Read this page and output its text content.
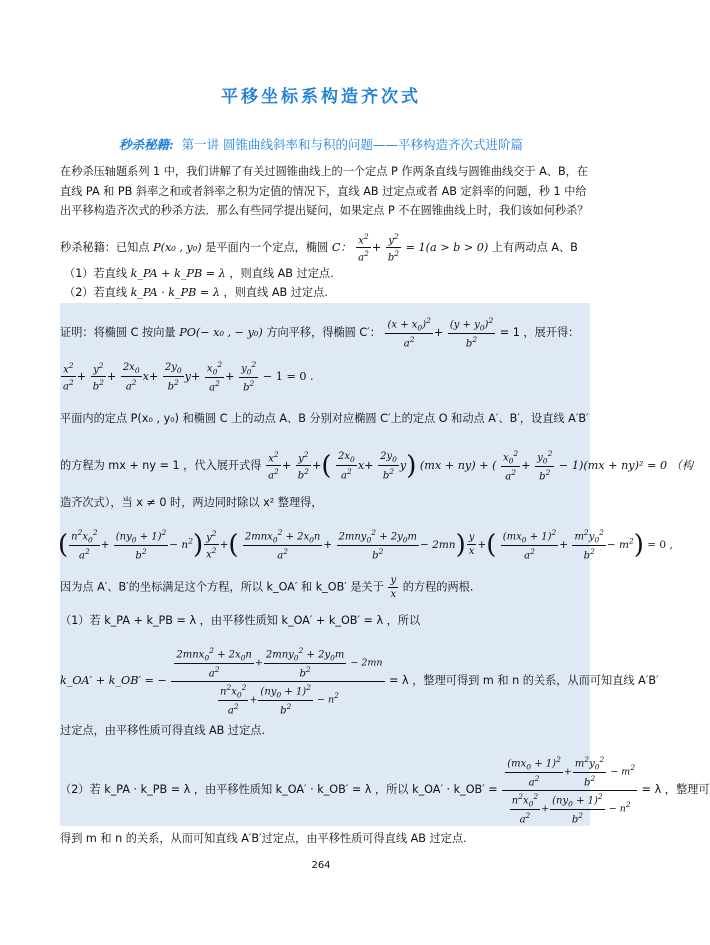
平移坐标系构造齐次式
秒杀秘籍: 第一讲 圆锥曲线斜率和与积的问题——平移构造齐次式进阶篇
在秒杀压轴题系列 1 中，我们讲解了有关过圆锥曲线上的一个定点 P 作两条直线与圆锥曲线交于 A、B，在直线 PA 和 PB 斜率之和或者斜率之积为定值的情况下，直线 AB 过定点或者 AB 定斜率的问题，秒 1 中给出平移构造齐次式的秒杀方法．那么有些同学提出疑问，如果定点 P 不在圆锥曲线上时，我们该如何秒杀？
秒杀秘籍：已知点 P(x₀ , y₀) 是平面内一个定点，椭圆 C： $\frac{x^2}{a^2} + \frac{y^2}{b^2} = 1(a > b > 0)$ 上有两动点 A、B
（1）若直线 k_PA + k_PB = λ ，则直线 AB 过定点.
（2）若直线 k_PA · k_PB = λ ，则直线 AB 过定点.
证明：将椭圆 C 按向量 PO(− x₀ , − y₀) 方向平移，得椭圆 C′： $\frac{(x + x_0)^2}{a^2} + \frac{(y + y_0)^2}{b^2} = 1$ ，展开得：
$\frac{x^2}{a^2} + \frac{y^2}{b^2} + \frac{2x_0}{a^2} x+ \frac{2y_0}{b^2} y+ \frac{x_0^2}{a^2} + \frac{y_0^2}{b^2} - 1 = 0$ .
平面内的定点 P(x₀ , y₀) 和椭圆 C 上的动点 A、B 分别对应椭圆 C′上的定点 O 和动点 A′、B′，设直线 A′B′
的方程为 mx + ny = 1 ，代入展开式得 $\frac{x^2}{a^2} + \frac{y^2}{b^2}$ +( $\frac{2x_0}{a^2} x+ \frac{2y_0}{b^2} y$) (mx + ny) + ( $\frac{x_0^2}{a^2} + \frac{y_0^2}{b^2} - 1)(mx + ny)^2 = 0$ （构
造齐次式），当 x ≠ 0 时，两边同时除以 x² 整理得，
( $\frac{n^2x_0^2}{a^2} + \frac{(ny_0 + 1)^2}{b^2} - n^2) \frac{y^2}{x^2}$ +( $\frac{2mnx_0^2 + 2x_0n}{a^2} + \frac{2mny_0^2 + 2y_0m}{b^2} - 2mn) \frac{y}{x}$ +( $\frac{(mx_0 + 1)^2}{a^2} + \frac{m^2y_0^2}{b^2} - m^2) = 0$ ,
因为点 A′、B′的坐标满足这个方程，所以 k_OA′ 和 k_OB′ 是关于 $\frac{y}{x}$ 的方程的两根.
（1）若 k_PA + k_PB = λ ，由平移性质知 k_OA′ + k_OB′ = λ ，所以
k_OA′ + k_OB′ = − $\frac{\frac{2mnx_0^2 + 2x_0n}{a^2} + \frac{2mny_0^2 + 2y_0m}{b^2} - 2mn}{\frac{n^2x_0^2}{a^2} + \frac{(ny_0 + 1)^2}{b^2} - n^2} = \lambda$ ，整理可得到 m 和 n 的关系，从而可知直线 A′B′
过定点，由平移性质可得直线 AB 过定点.
（2）若 k_PA · k_PB = λ ，由平移性质知 k_OA′ · k_OB′ = λ ，所以 k_OA′ · k_OB′ = $\frac{\frac{(mx_0 + 1)^2}{a^2} + \frac{m^2y_0^2}{b^2} - m^2}{\frac{n^2x_0^2}{a^2} + \frac{(ny_0 + 1)^2}{b^2} - n^2} = \lambda$ ，整理可
得到 m 和 n 的关系，从而可知直线 A′B′过定点，由平移性质可得直线 AB 过定点.
264
